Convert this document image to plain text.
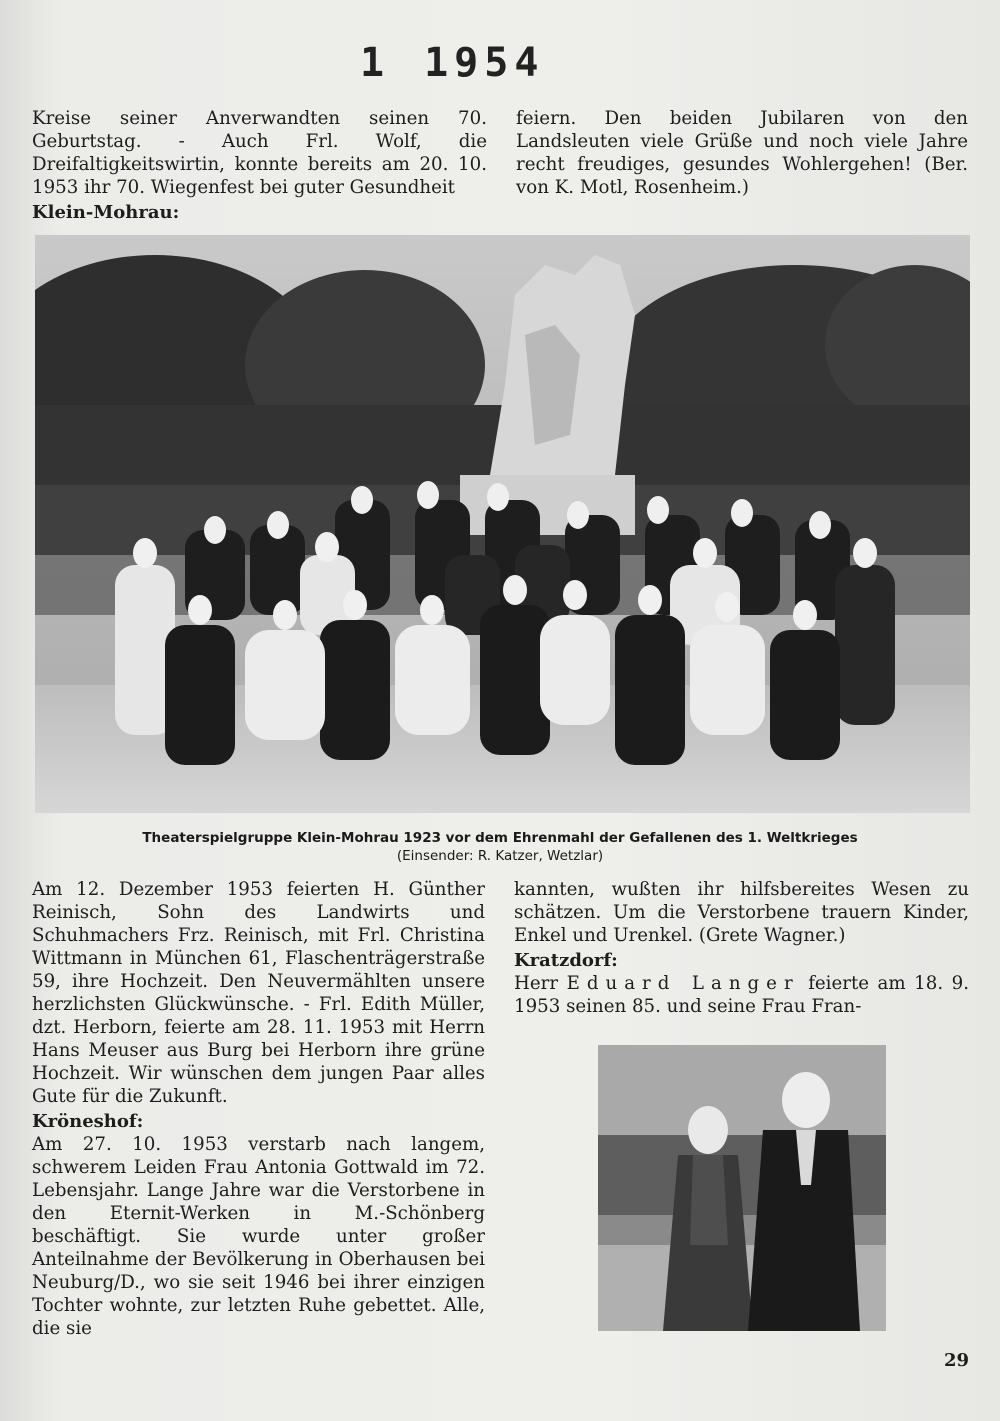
1 1954

Kreise seiner Anverwandten seinen 70. Geburtstag. - Auch Frl. Wolf, die Dreifaltigkeitswirtin, konnte bereits am 20. 10. 1953 ihr 70. Wiegenfest bei guter Gesundheit

Klein-Mohrau:

feiern. Den beiden Jubilaren von den Landsleuten viele Grüße und noch viele Jahre recht freudiges, gesundes Wohlergehen! (Ber. von K. Motl, Rosenheim.)

Theaterspielgruppe Klein-Mohrau 1923 vor dem Ehrenmahl der Gefallenen des 1. Weltkrieges
(Einsender: R. Katzer, Wetzlar)

Am 12. Dezember 1953 feierten H. Günther Reinisch, Sohn des Landwirts und Schuhmachers Frz. Reinisch, mit Frl. Christina Wittmann in München 61, Flaschenträgerstraße 59, ihre Hochzeit. Den Neuvermählten unsere herzlichsten Glückwünsche. - Frl. Edith Müller, dzt. Herborn, feierte am 28. 11. 1953 mit Herrn Hans Meuser aus Burg bei Herborn ihre grüne Hochzeit. Wir wünschen dem jungen Paar alles Gute für die Zukunft.

Kröneshof:

Am 27. 10. 1953 verstarb nach langem, schwerem Leiden Frau Antonia Gottwald im 72. Lebensjahr. Lange Jahre war die Verstorbene in den Eternit-Werken in M.-Schönberg beschäftigt. Sie wurde unter großer Anteilnahme der Bevölkerung in Oberhausen bei Neuburg/D., wo sie seit 1946 bei ihrer einzigen Tochter wohnte, zur letzten Ruhe gebettet. Alle, die sie

kannten, wußten ihr hilfsbereites Wesen zu schätzen. Um die Verstorbene trauern Kinder, Enkel und Urenkel. (Grete Wagner.)

Kratzdorf:

Herr Eduard Langer feierte am 18. 9. 1953 seinen 85. und seine Frau Fran-

29
